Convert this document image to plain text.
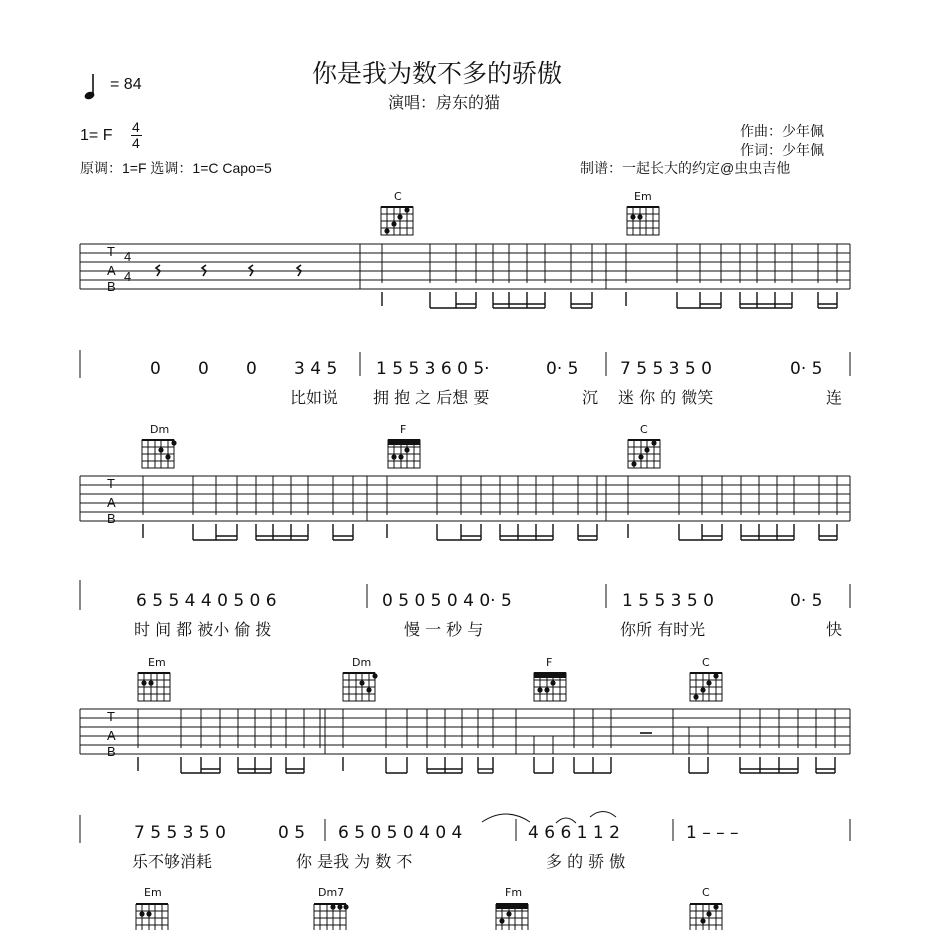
你是我为数不多的骄傲
演唱：房东的猫
= 84
1= F 4
4
原调：1=F 选调：1=C Capo=5
作曲：少年佩
作词：少年佩
制谱：一起长大的约定@虫虫吉他
T
A
B
4
4
C	Em
0 0 0 3 4 5 1 5 5 3 6 0 5·	0· 5 7 5 5 3 5 0	0· 5
比如说 拥 抱 之 后想 要	沉 迷 你 的 微笑	连
T
A
B
Dm	F	C
6 5 5 4 4 0 5 0 6	0 5 0 5 0 4 0· 5	1 5 5 3 5 0	0· 5
时 间 都 被小 偷 拨	慢 一 秒 与	你所 有时光	快
T
A
B
Em	Dm	F	C
7 5 5 3 5 0	0 5 6 5 0 5 0 4 0 4	4 6 6 1 1 2	1 – – –
乐不够消耗	你 是我 为 数 不	多 的 骄 傲
Em	Dm7	Fm	C
